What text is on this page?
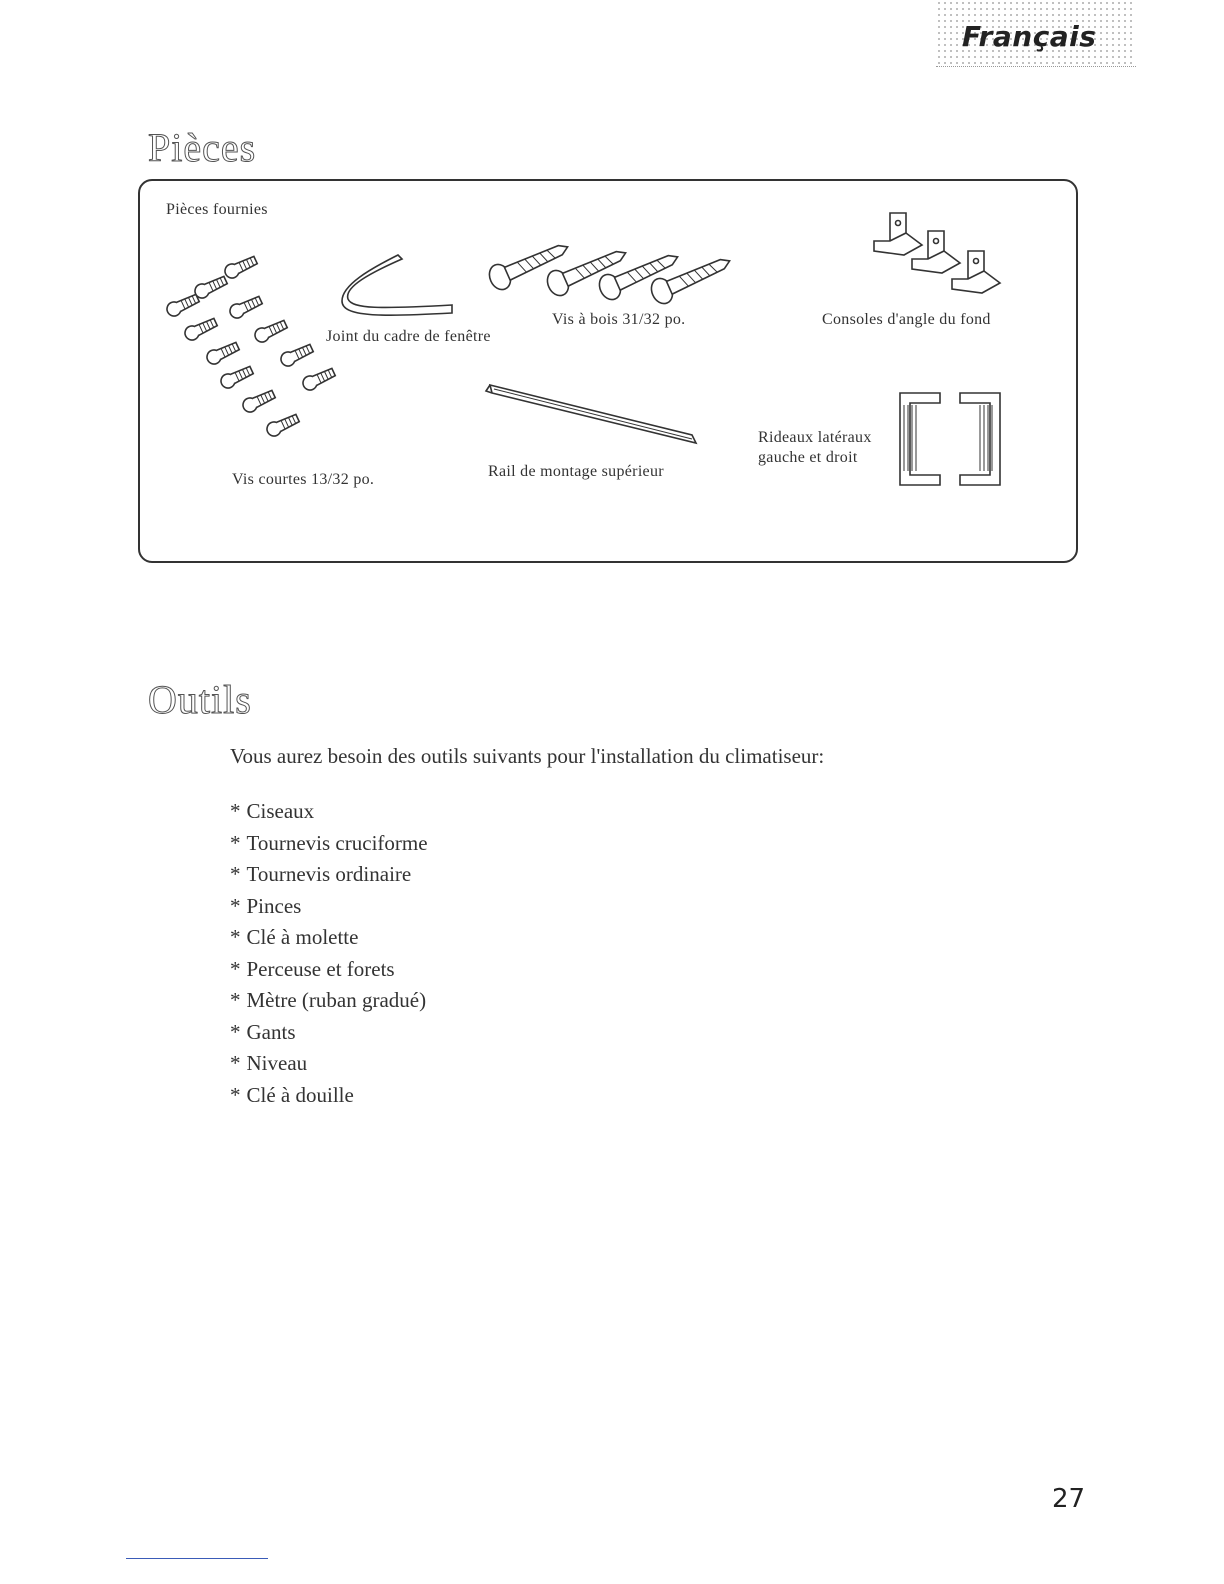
Français
Pièces
Pièces fournies
Vis courtes 13/32 po.
Joint du cadre de fenêtre
Vis à bois 31/32 po.	Consoles d'angle du fond
Rail de montage supérieur
Rideaux latéraux
gauche et droit
Outils

Vous aurez besoin des outils suivants pour l'installation du climatiseur:

* Ciseaux
* Tournevis cruciforme
* Tournevis ordinaire
* Pinces
* Clé à molette
* Perceuse et forets
* Mètre (ruban gradué)
* Gants
* Niveau
* Clé à douille
27
